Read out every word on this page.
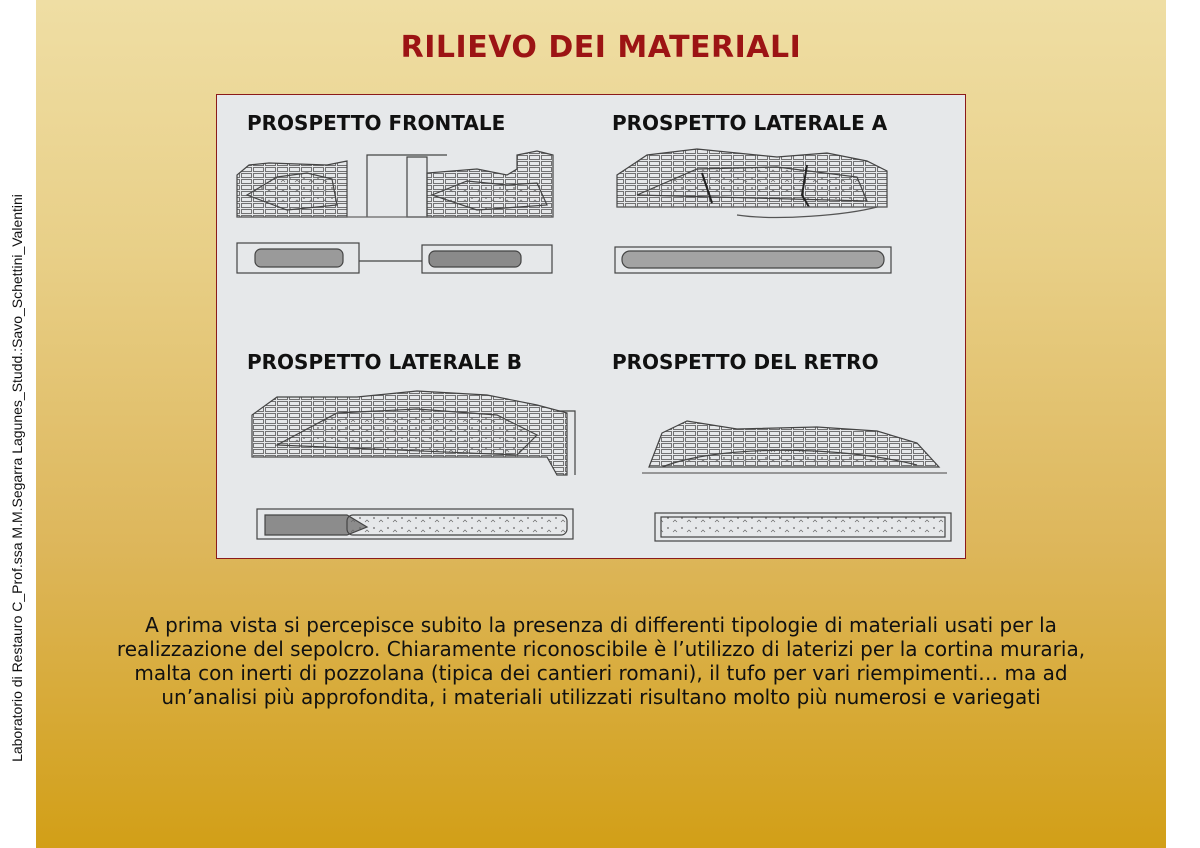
Laboratorio di Restauro C_Prof.ssa M.M.Segarra Lagunes_Studd.:Savo_Schettini_Valentini
RILIEVO DEI MATERIALI
PROSPETTO FRONTALE	PROSPETTO LATERALE A
PROSPETTO LATERALE B	PROSPETTO DEL RETRO
A prima vista si percepisce subito la presenza di differenti tipologie di materiali usati per la realizzazione del sepolcro. Chiaramente riconoscibile è l’utilizzo di laterizi per la cortina muraria, malta con inerti di pozzolana (tipica dei cantieri romani), il tufo per vari riempimenti… ma ad un’analisi più approfondita, i materiali utilizzati risultano molto più numerosi e variegati
